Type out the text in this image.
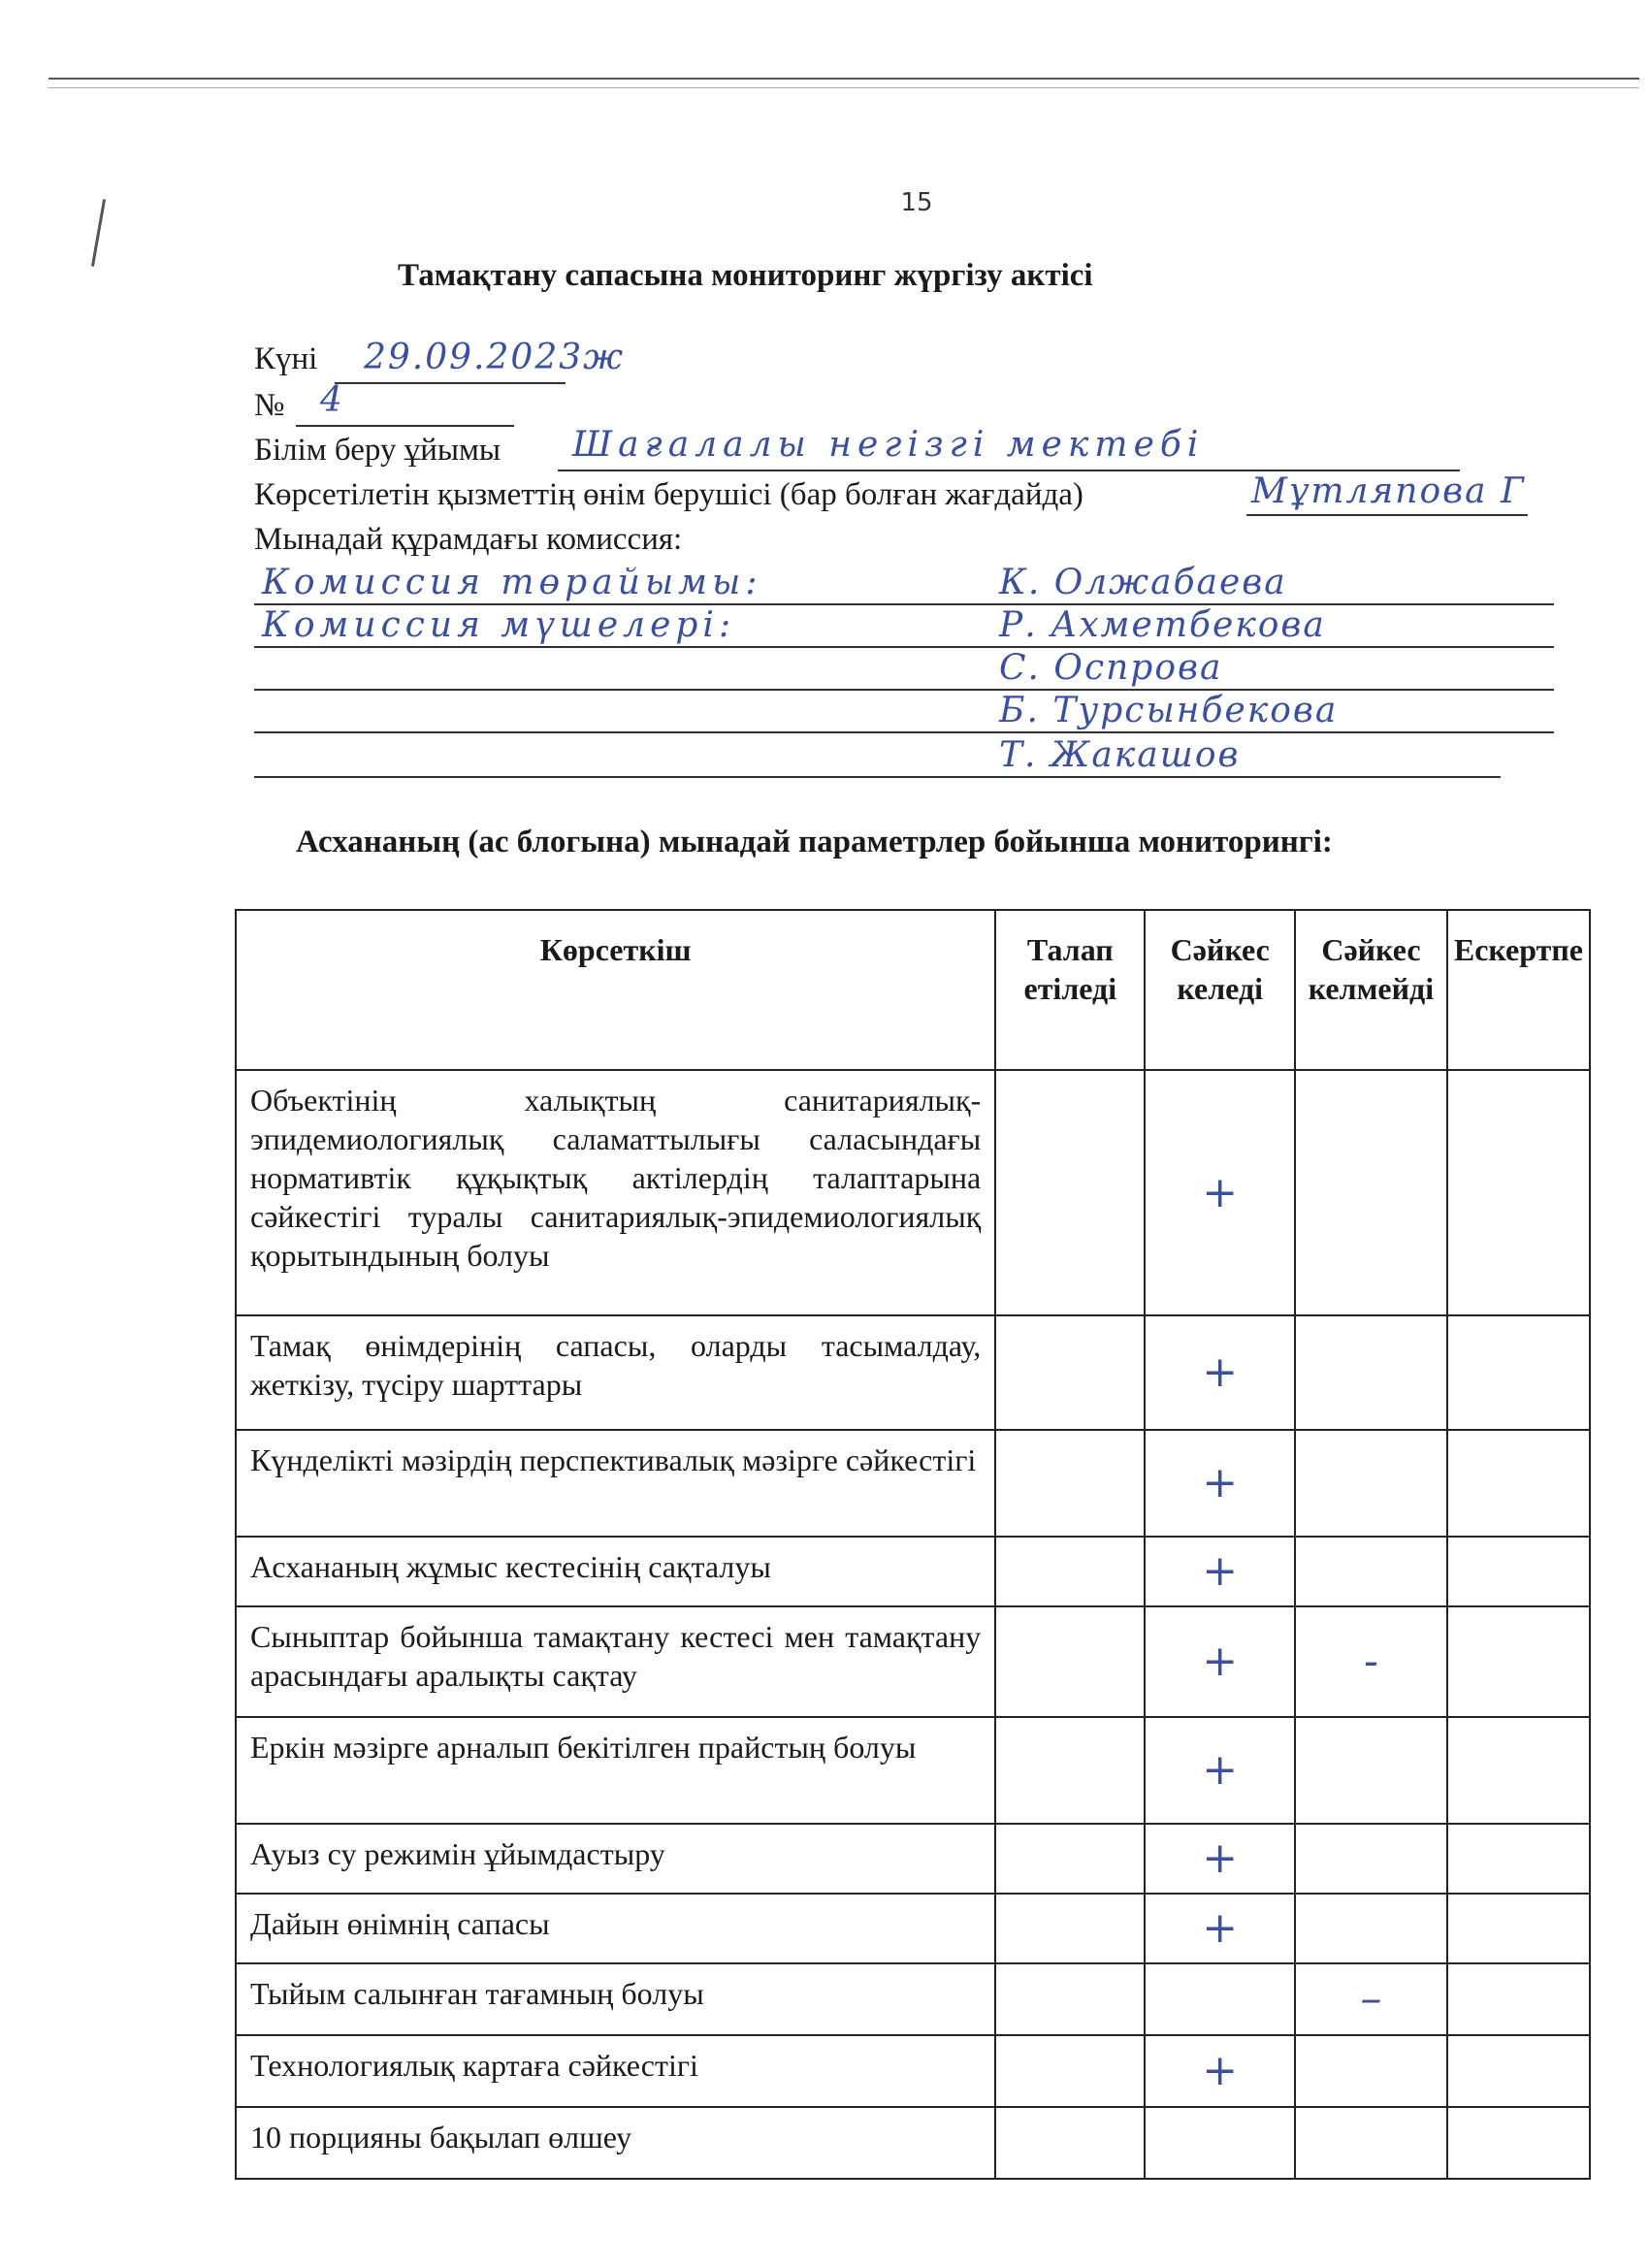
15
Тамақтану сапасына мониторинг жүргізу актісі
Күні 29.09.2023ж
№ 4
Білім беру ұйымы Шағалалы негізгі мектебі
Көрсетілетін қызметтің өнім берушісі (бар болған жағдайда)	Мұтляпова Г
Мынадай құрамдағы комиссия:
Комиссия төрайымы:	К. Олжабаева
Комиссия мүшелері:	Р. Ахметбекова
С. Оспрова
Б. Турсынбекова
Т. Жакашов
Асхананың (ас блогына) мынадай параметрлер бойынша мониторингі:
Көрсеткіш	Талап етіледі	Сәйкес келеді	Сәйкес келмейді	Ескертпе
Объектінің халықтың санитариялық-эпидемиологиялық саламаттылығы саласындағы нормативтік құқықтық актілердің талаптарына сәйкестігі туралы санитариялық-эпидемиологиялық қорытындының болуы		+		
Тамақ өнімдерінің сапасы, оларды тасымалдау, жеткізу, түсіру шарттары		+		
Күнделікті мәзірдің перспективалық мәзірге сәйкестігі		+		
Асхананың жұмыс кестесінің сақталуы		+		
Сыныптар бойынша тамақтану кестесі мен тамақтану арасындағы аралықты сақтау		+	-	
Еркін мәзірге арналып бекітілген прайстың болуы		+		
Ауыз су режимін ұйымдастыру		+		
Дайын өнімнің сапасы		+		
Тыйым салынған тағамның болуы			–	
Технологиялық картаға сәйкестігі		+		
10 порцияны бақылап өлшеу				
